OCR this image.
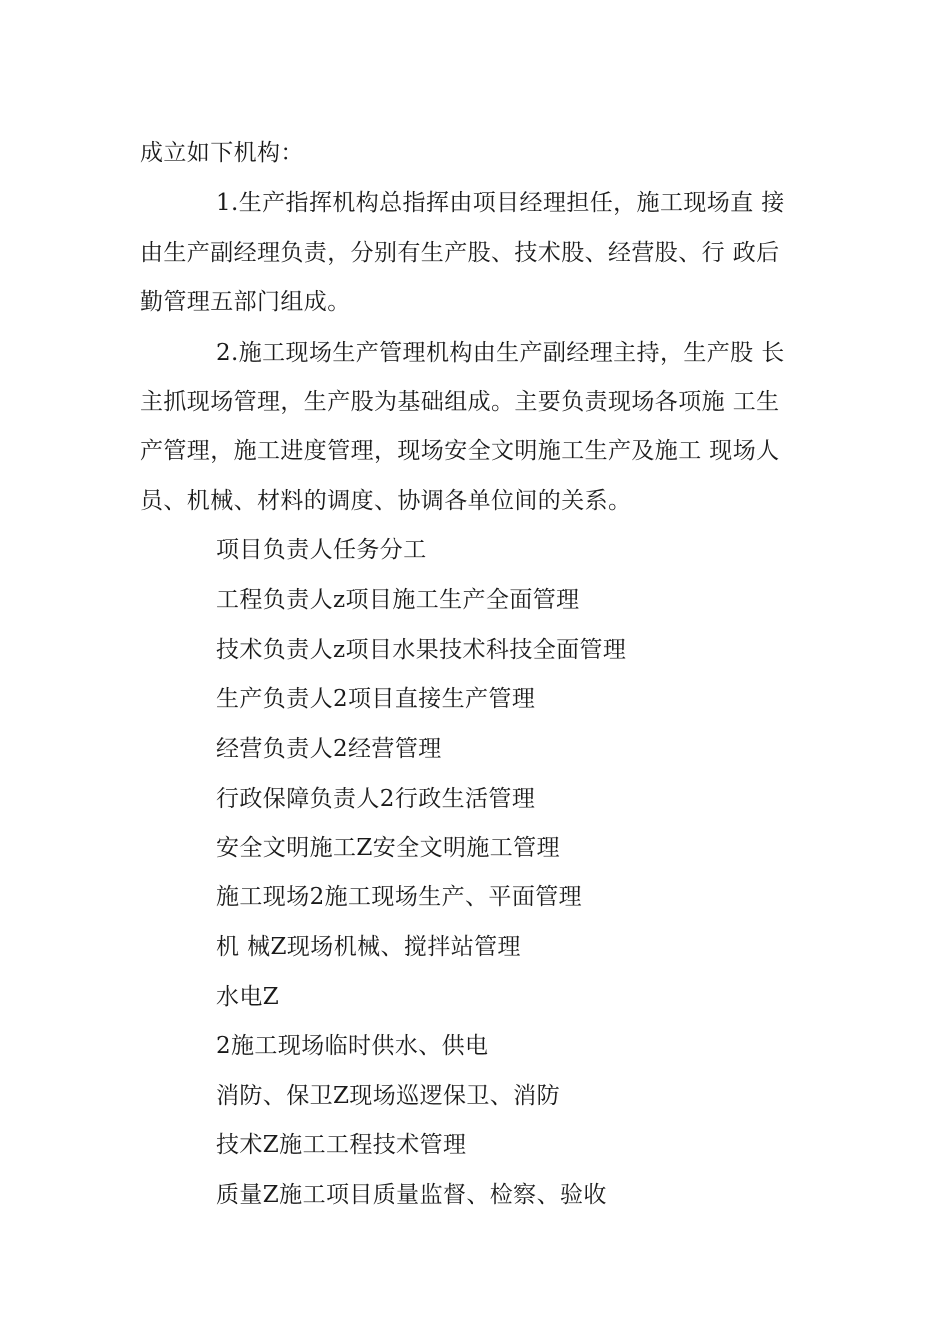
成立如下机构：
1.生产指挥机构总指挥由项目经理担任，施工现场直 接
由生产副经理负责，分别有生产股、技术股、经营股、行 政后
勤管理五部门组成。
2.施工现场生产管理机构由生产副经理主持，生产股 长
主抓现场管理，生产股为基础组成。主要负责现场各项施 工生
产管理，施工进度管理，现场安全文明施工生产及施工 现场人
员、机械、材料的调度、协调各单位间的关系。
项目负责人任务分工
工程负责人z项目施工生产全面管理
技术负责人z项目水果技术科技全面管理
生产负责人2项目直接生产管理
经营负责人2经营管理
行政保障负责人2行政生活管理
安全文明施工Z安全文明施工管理
施工现场2施工现场生产、平面管理
机 械Z现场机械、搅拌站管理
水电Z
2施工现场临时供水、供电
消防、保卫Z现场巡逻保卫、消防
技术Z施工工程技术管理
质量Z施工项目质量监督、检察、验收
